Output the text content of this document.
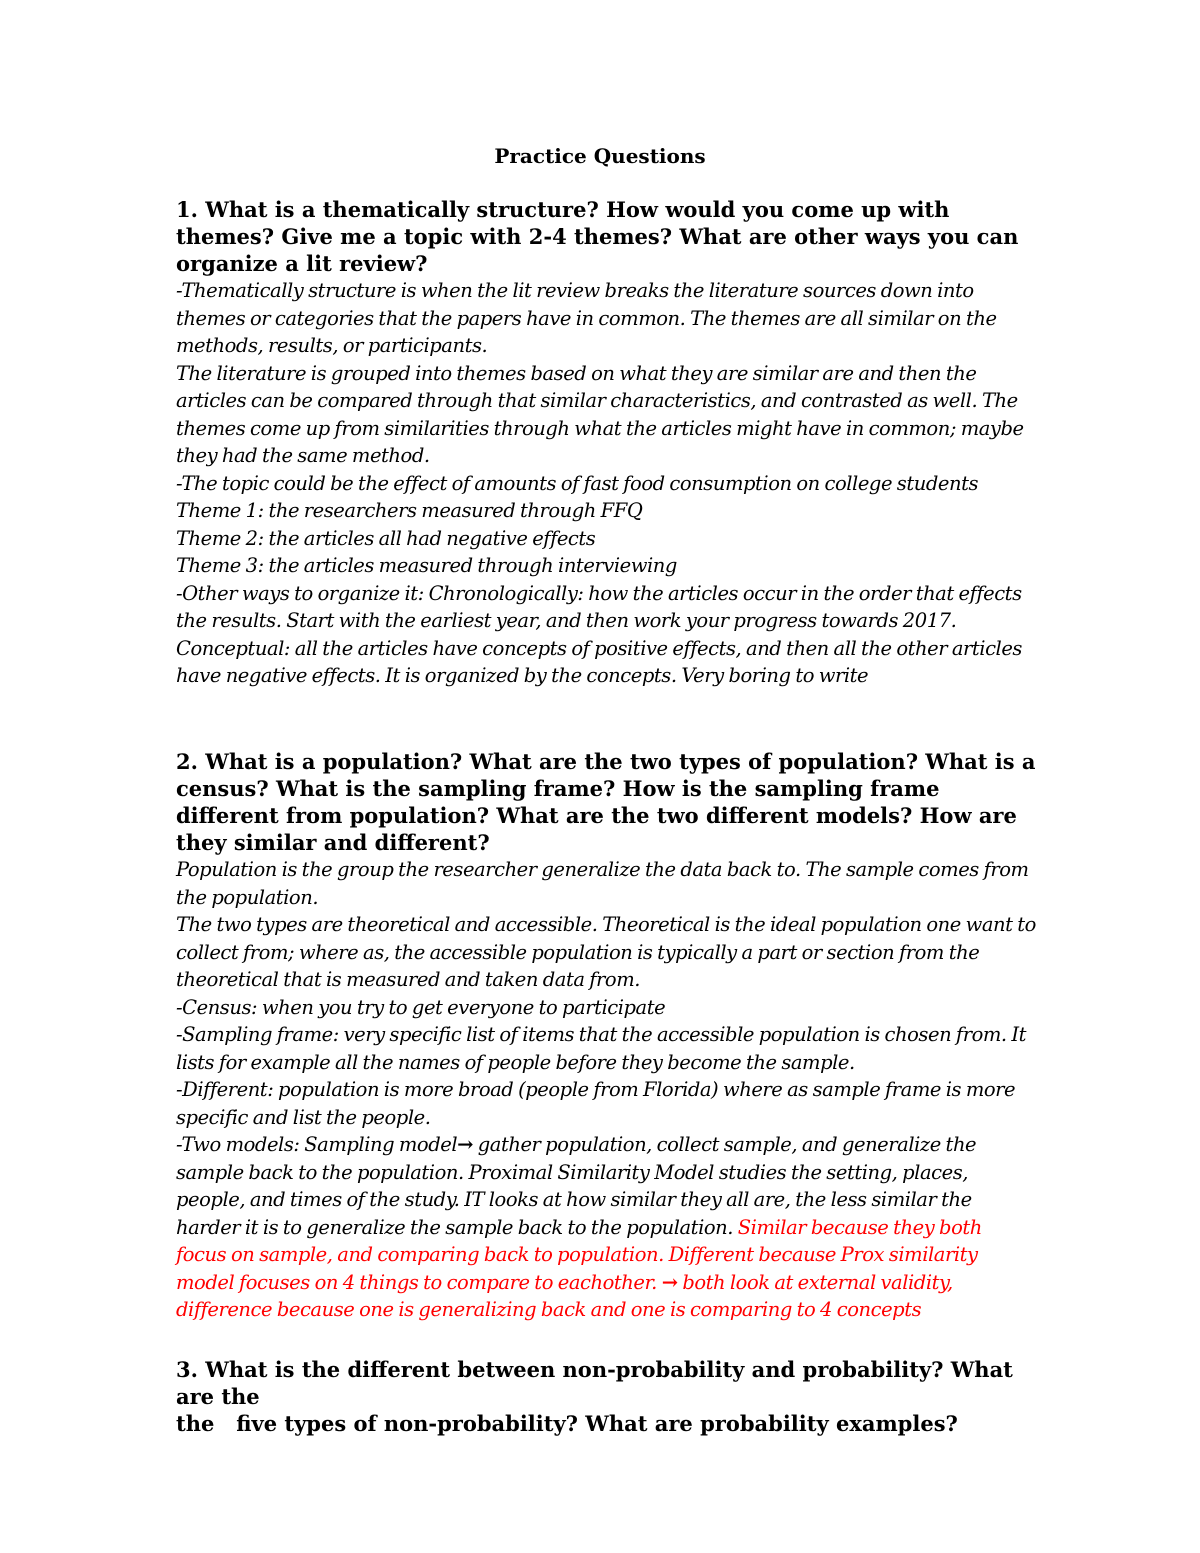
Practice Questions

1. What is a thematically structure? How would you come up with themes? Give me a topic with 2-4 themes? What are other ways you can organize a lit review?

-Thematically structure is when the lit review breaks the literature sources down into themes or categories that the papers have in common. The themes are all similar on the methods, results, or participants.

The literature is grouped into themes based on what they are similar are and then the articles can be compared through that similar characteristics, and contrasted as well. The themes come up from similarities through what the articles might have in common; maybe they had the same method.

-The topic could be the effect of amounts of fast food consumption on college students

Theme 1: the researchers measured through FFQ

Theme 2: the articles all had negative effects

Theme 3: the articles measured through interviewing

-Other ways to organize it: Chronologically: how the articles occur in the order that effects the results. Start with the earliest year, and then work your progress towards 2017. Conceptual: all the articles have concepts of positive effects, and then all the other articles have negative effects. It is organized by the concepts. Very boring to write

2. What is a population? What are the two types of population? What is a census? What is the sampling frame? How is the sampling frame different from population? What are the two different models? How are they similar and different?

Population is the group the researcher generalize the data back to. The sample comes from the population.

The two types are theoretical and accessible. Theoretical is the ideal population one want to collect from; where as, the accessible population is typically a part or section from the theoretical that is measured and taken data from.

-Census: when you try to get everyone to participate

-Sampling frame: very specific list of items that the accessible population is chosen from. It lists for example all the names of people before they become the sample.

-Different: population is more broad (people from Florida) where as sample frame is more specific and list the people.

-Two models: Sampling model→ gather population, collect sample, and generalize the sample back to the population. Proximal Similarity Model studies the setting, places, people, and times of the study. IT looks at how similar they all are, the less similar the harder it is to generalize the sample back to the population. Similar because they both focus on sample, and comparing back to population. Different because Prox similarity model focuses on 4 things to compare to eachother. → both look at external validity, difference because one is generalizing back and one is comparing to 4 concepts

3. What is the different between non-probability and probability? What are the

the   five types of non-probability? What are probability examples?
